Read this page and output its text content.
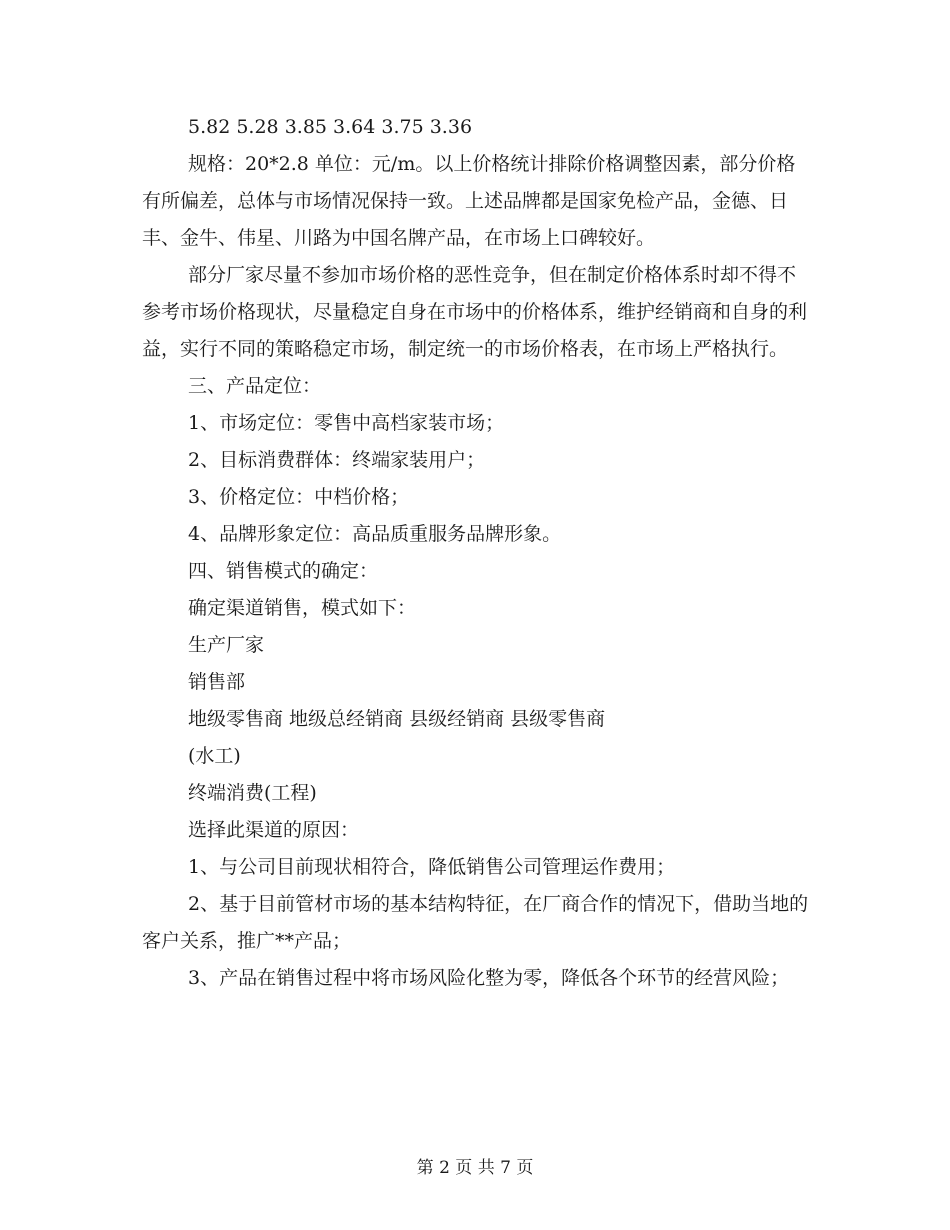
5.82 5.28 3.85 3.64 3.75 3.36

规格：20*2.8 单位：元/m。以上价格统计排除价格调整因素，部分价格有所偏差，总体与市场情况保持一致。上述品牌都是国家免检产品，金德、日丰、金牛、伟星、川路为中国名牌产品，在市场上口碑较好。

部分厂家尽量不参加市场价格的恶性竞争，但在制定价格体系时却不得不参考市场价格现状，尽量稳定自身在市场中的价格体系，维护经销商和自身的利益，实行不同的策略稳定市场，制定统一的市场价格表，在市场上严格执行。

三、产品定位：

1、市场定位：零售中高档家装市场；

2、目标消费群体：终端家装用户；

3、价格定位：中档价格；

4、品牌形象定位：高品质重服务品牌形象。

四、销售模式的确定：

确定渠道销售，模式如下：

生产厂家

销售部

地级零售商 地级总经销商 县级经销商 县级零售商

(水工)

终端消费(工程)

选择此渠道的原因：

1、与公司目前现状相符合，降低销售公司管理运作费用；

2、基于目前管材市场的基本结构特征，在厂商合作的情况下，借助当地的客户关系，推广**产品；

3、产品在销售过程中将市场风险化整为零，降低各个环节的经营风险；

第 2 页 共 7 页
